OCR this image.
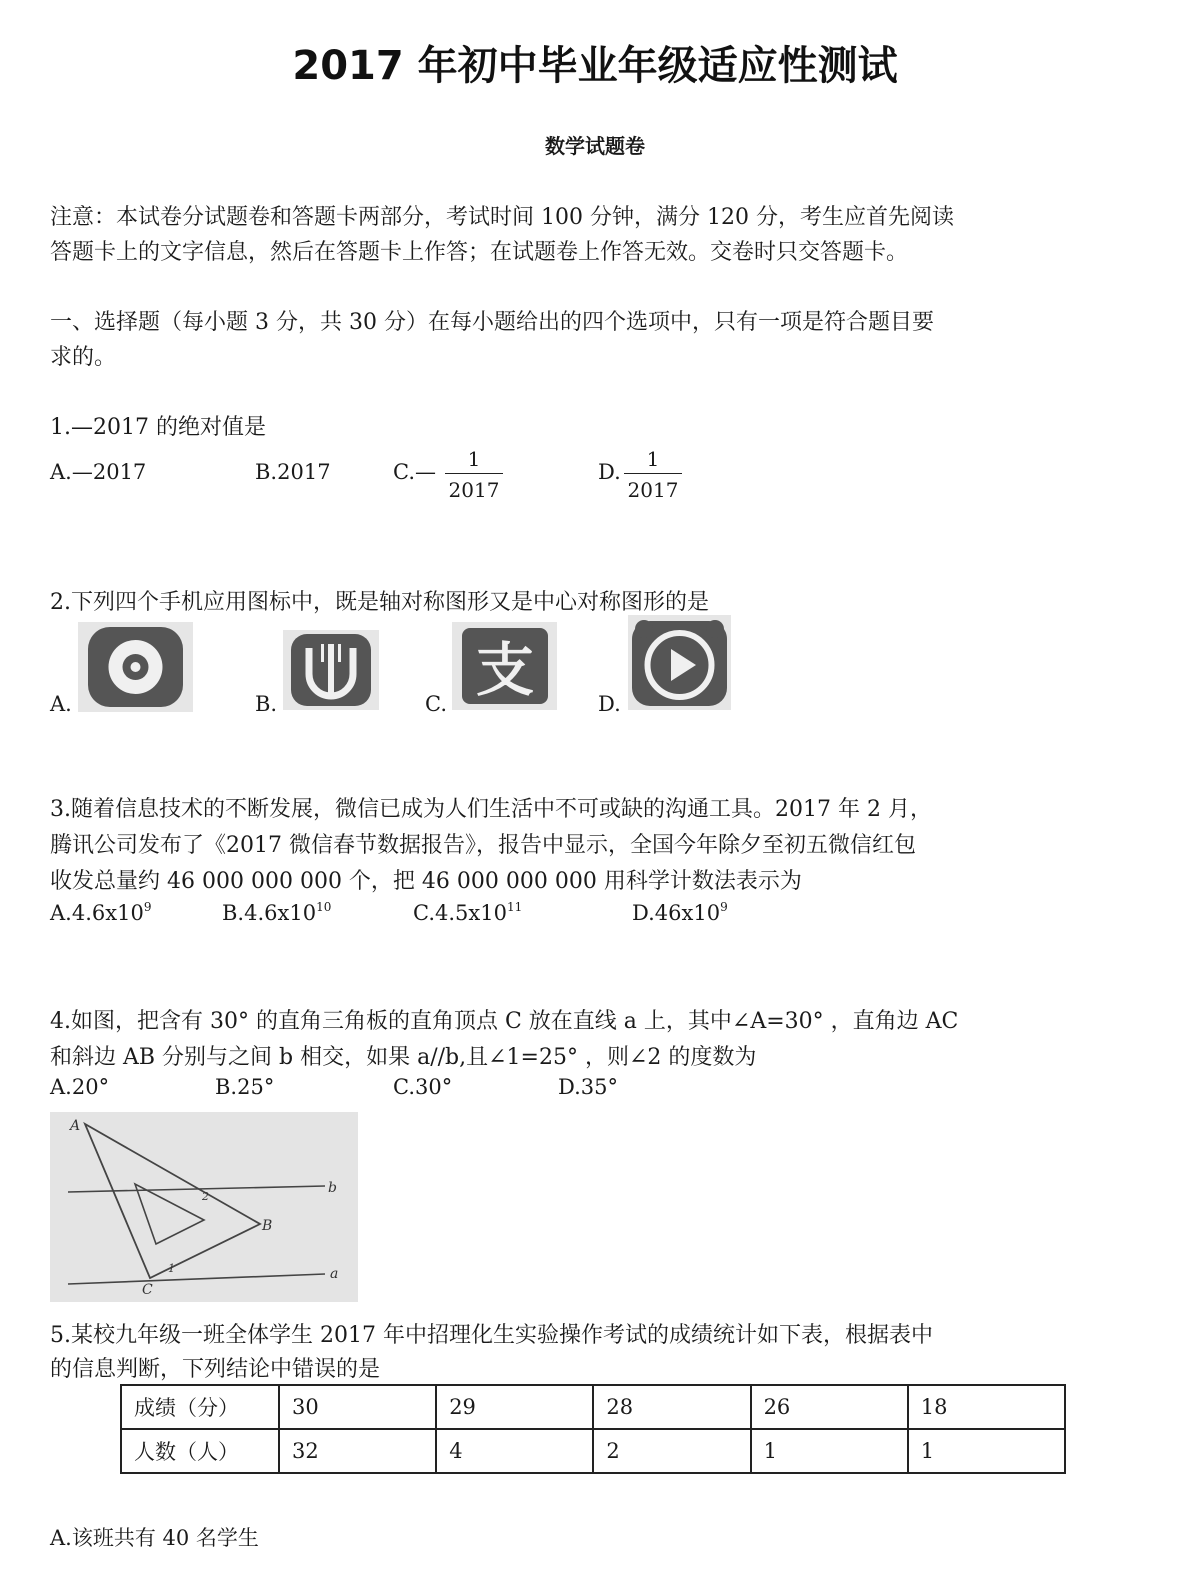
2017 年初中毕业年级适应性测试
数学试题卷
注意：本试卷分试题卷和答题卡两部分，考试时间 100 分钟，满分 120 分，考生应首先阅读
答题卡上的文字信息，然后在答题卡上作答；在试题卷上作答无效。交卷时只交答题卡。
一、选择题（每小题 3 分，共 30 分）在每小题给出的四个选项中，只有一项是符合题目要
求的。
1.—2017 的绝对值是
A.—2017	B.2017	C.— $\frac{1}{2017}$	D. $\frac{1}{2017}$
2.下列四个手机应用图标中，既是轴对称图形又是中心对称图形的是
A.	B.	C. 支	D.
3.随着信息技术的不断发展，微信已成为人们生活中不可或缺的沟通工具。2017 年 2 月，
腾讯公司发布了《2017 微信春节数据报告》，报告中显示，全国今年除夕至初五微信红包
收发总量约 46 000 000 000 个，把 46 000 000 000 用科学计数法表示为
$A.4.6x10^9$	$B.4.6x10^{10}$	$C.4.5x10^{11}$	$D.46x10^9$
4.如图，把含有 30° 的直角三角板的直角顶点 C 放在直线 a 上，其中∠A=30° ，直角边 AC
和斜边 AB 分别与之间 b 相交，如果 a//b,且∠1=25° ，则∠2 的度数为
A.20°	B.25°	C.30°	D.35°
A
B
C
a
b
1
2
5.某校九年级一班全体学生 2017 年中招理化生实验操作考试的成绩统计如下表，根据表中
的信息判断，下列结论中错误的是
成绩（分）	30	29	28	26	18
人数（人）	32	4	2	1	1
A.该班共有 40 名学生
